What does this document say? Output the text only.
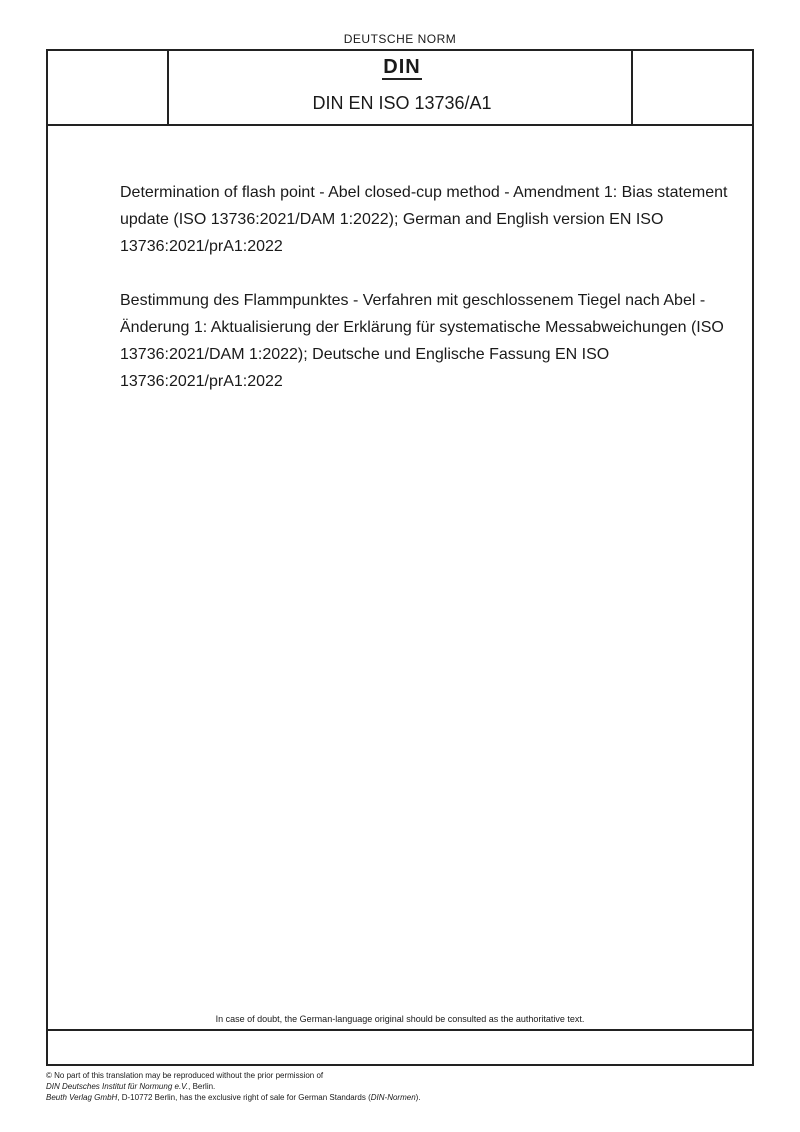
DEUTSCHE NORM
DIN
DIN EN ISO 13736/A1

Determination of flash point - Abel closed-cup method - Amendment 1: Bias statement update (ISO 13736:2021/DAM 1:2022); German and English version EN ISO 13736:2021/prA1:2022

Bestimmung des Flammpunktes - Verfahren mit geschlossenem Tiegel nach Abel - Änderung 1: Aktualisierung der Erklärung für systematische Messabweichungen (ISO 13736:2021/DAM 1:2022); Deutsche und Englische Fassung EN ISO 13736:2021/prA1:2022

In case of doubt, the German-language original should be consulted as the authoritative text.
© No part of this translation may be reproduced without the prior permission of
DIN Deutsches Institut für Normung e.V., Berlin.
Beuth Verlag GmbH, D-10772 Berlin, has the exclusive right of sale for German Standards (DIN-Normen).
